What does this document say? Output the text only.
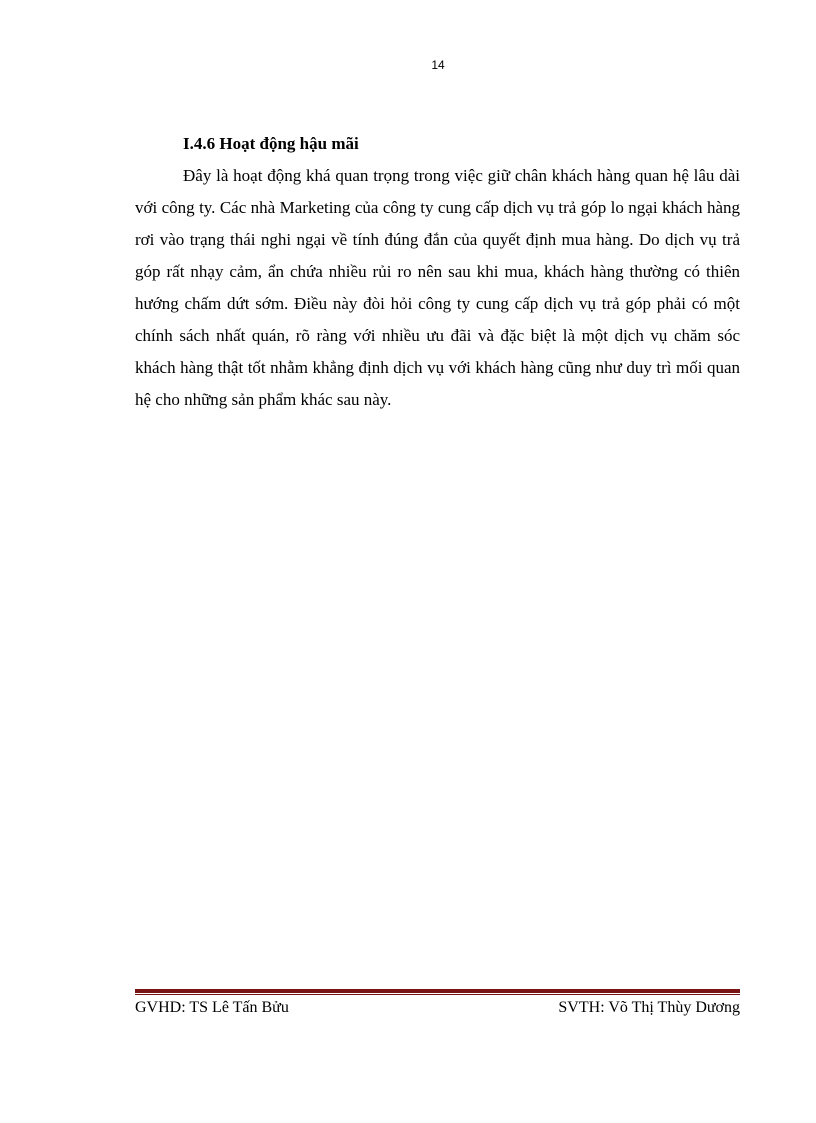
14
I.4.6 Hoạt động hậu mãi

Đây là hoạt động khá quan trọng trong việc giữ chân khách hàng quan hệ lâu dài với công ty. Các nhà Marketing của công ty cung cấp dịch vụ trả góp lo ngại khách hàng rơi vào trạng thái nghi ngại về tính đúng đắn của quyết định mua hàng. Do dịch vụ trả góp rất nhạy cảm, ẩn chứa nhiều rủi ro nên sau khi mua, khách hàng thường có thiên hướng chấm dứt sớm. Điều này đòi hỏi công ty cung cấp dịch vụ trả góp phải có một chính sách nhất quán, rõ ràng với nhiều ưu đãi và đặc biệt là một dịch vụ chăm sóc khách hàng thật tốt nhằm khẳng định dịch vụ với khách hàng cũng như duy trì mối quan hệ cho những sản phẩm khác sau này.

GVHD: TS Lê Tấn Bửu	SVTH: Võ Thị Thùy Dương
